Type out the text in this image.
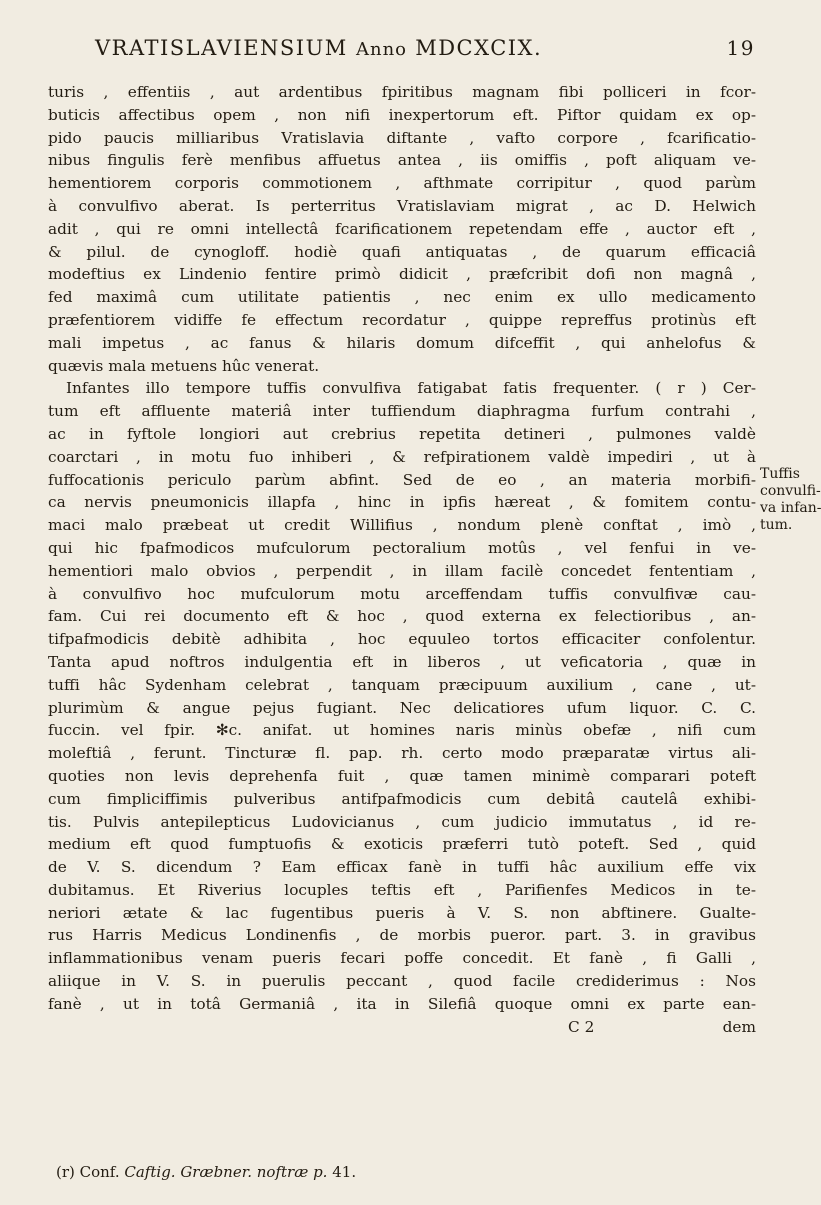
VRATISLAVIENSIUM Anno MDCXCIX.	19
turis , effentiis , aut ardentibus fpiritibus magnam fibi polliceri in fcor-
buticis affectibus opem , non nifi inexpertorum eft. Piftor quidam ex op-
pido paucis milliaribus Vratislavia diftante , vafto corpore , fcarificatio-
nibus fingulis ferè menfibus affuetus antea , iis omiffis , poft aliquam ve-
hementiorem corporis commotionem , afthmate corripitur , quod parùm
à convulfivo aberat. Is perterritus Vratislaviam migrat , ac D. Helwich
adit , qui re omni intellectâ fcarificationem repetendam effe , auctor eft ,
& pilul. de cynogloff. hodiè quafi antiquatas , de quarum efficaciâ
modeftius ex Lindenio fentire primò didicit , præfcribit dofi non magnâ ,
fed maximâ cum utilitate patientis , nec enim ex ullo medicamento
præfentiorem vidiffe fe effectum recordatur , quippe repreffus protinùs eft
mali impetus , ac fanus & hilaris domum difceffit , qui anhelofus &
quævis mala metuens hûc venerat.
Infantes illo tempore tuffis convulfiva fatigabat fatis frequenter. ( r ) Cer-
tum eft affluente materiâ inter tuffiendum diaphragma furfum contrahi ,
ac in fyftole longiori aut crebrius repetita detineri , pulmones valdè
coarctari , in motu fuo inhiberi , & refpirationem valdè impediri , ut à
fuffocationis periculo parùm abfint. Sed de eo , an materia morbifi-
ca nervis pneumonicis illapfa , hinc in ipfis hæreat , & fomitem contu-
maci malo præbeat ut credit Willifius , nondum plenè conftat , imò ,
qui hic fpafmodicos mufculorum pectoralium motûs , vel fenfui in ve-
hementiori malo obvios , perpendit , in illam facilè concedet fententiam ,
à convulfivo hoc mufculorum motu arceffendam tuffis convulfivæ cau-
fam. Cui rei documento eft & hoc , quod externa ex felectioribus , an-
tifpafmodicis debitè adhibita , hoc equuleo tortos efficaciter confolentur.
Tanta apud noftros indulgentia eft in liberos , ut veficatoria , quæ in
tuffi hâc Sydenham celebrat , tanquam præcipuum auxilium , cane , ut-
plurimùm & angue pejus fugiant. Nec delicatiores ufum liquor. C. C.
fuccin. vel fpir. ✻c. anifat. ut homines naris minùs obefæ , nifi cum
moleftiâ , ferunt. Tincturæ fl. pap. rh. certo modo præparatæ virtus ali-
quoties non levis deprehenfa fuit , quæ tamen minimè comparari poteft
cum fimpliciffimis pulveribus antifpafmodicis cum debitâ cautelâ exhibi-
tis. Pulvis antepilepticus Ludovicianus , cum judicio immutatus , id re-
medium eft quod fumptuofis & exoticis præferri tutò poteft. Sed , quid
de V. S. dicendum ? Eam efficax fanè in tuffi hâc auxilium effe vix
dubitamus. Et Riverius locuples teftis eft , Parifienfes Medicos in te-
neriori ætate & lac fugentibus pueris à V. S. non abftinere. Gualte-
rus Harris Medicus Londinenfis , de morbis pueror. part. 3. in gravibus
inflammationibus venam pueris fecari poffe concedit. Et fanè , fi Galli ,
aliique in V. S. in puerulis peccant , quod facile crediderimus : Nos
fanè , ut in totâ Germaniâ , ita in Silefiâ quoque omni ex parte ean-
C 2	dem
Tuffis
convulfi-
va infan-
tum.
(r) Conf. Caftig. Græbner. noftræ p. 41.
